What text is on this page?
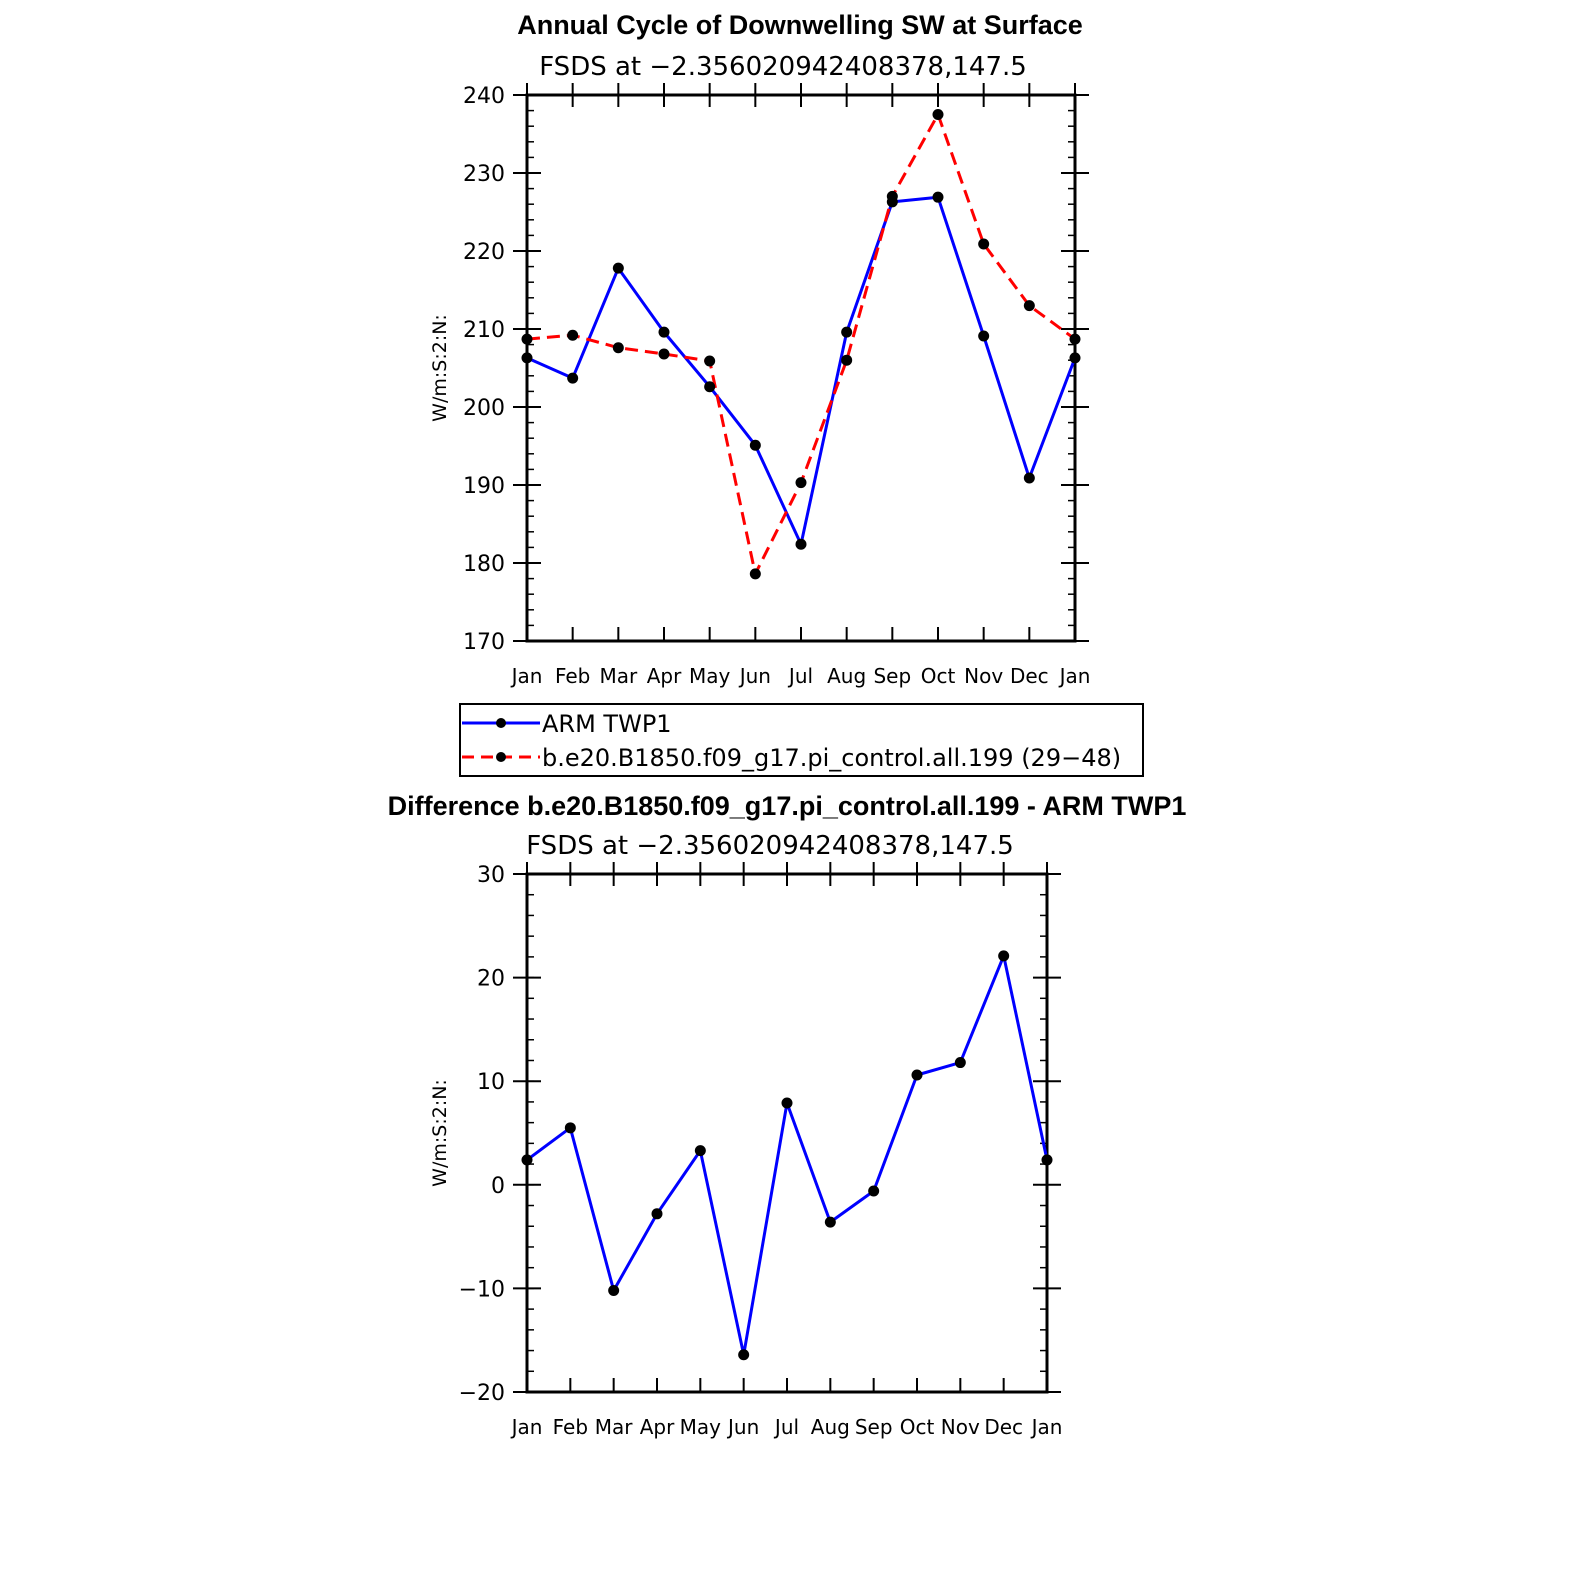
Annual Cycle of Downwelling SW at Surface
FSDS at −2.356020942408378,147.5
W/m:S:2:N:
170
180
190
200
210
220
230
240
Jan Feb Mar Apr May Jun Jul Aug Sep Oct Nov Dec Jan
ARM TWP1
b.e20.B1850.f09_g17.pi_control.all.199 (29−48)
Difference b.e20.B1850.f09_g17.pi_control.all.199 - ARM TWP1
FSDS at −2.356020942408378,147.5
W/m:S:2:N:
−20
−10
0
10
20
30
Jan Feb Mar Apr May Jun Jul Aug Sep Oct Nov Dec Jan
